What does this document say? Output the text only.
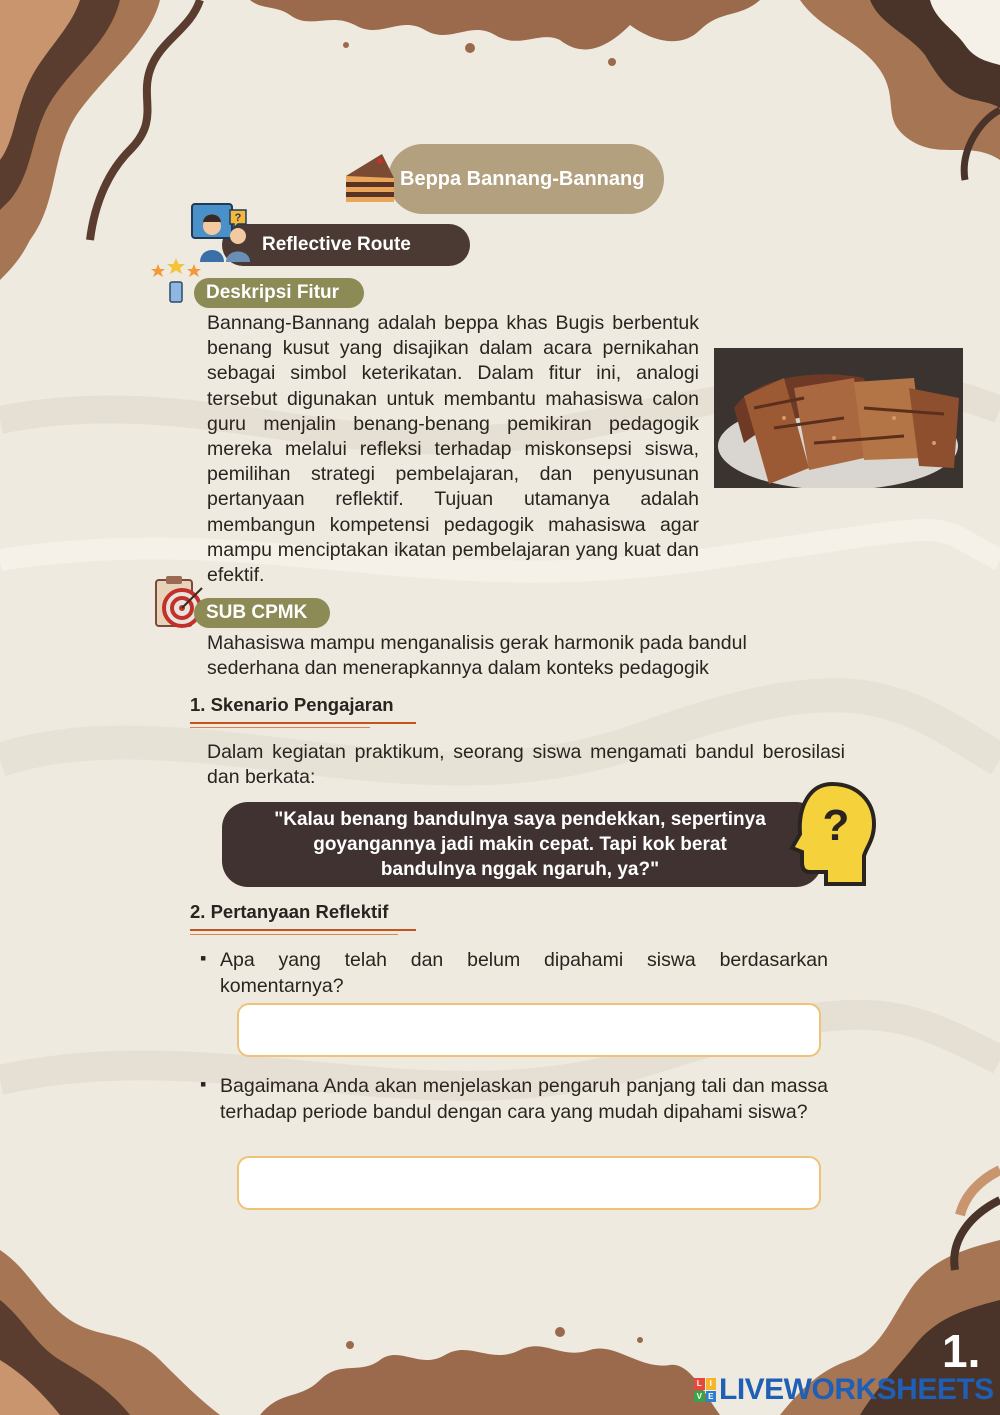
Beppa Bannang-Bannang
Reflective Route
?
Deskripsi Fitur
Bannang-Bannang adalah beppa khas Bugis berbentuk benang kusut yang disajikan dalam acara pernikahan sebagai simbol keterikatan. Dalam fitur ini, analogi tersebut digunakan untuk membantu mahasiswa calon guru menjalin benang-benang pemikiran pedagogik mereka melalui refleksi terhadap miskonsepsi siswa, pemilihan strategi pembelajaran, dan penyusunan pertanyaan reflektif. Tujuan utamanya adalah membangun kompetensi pedagogik mahasiswa agar mampu menciptakan ikatan pembelajaran yang kuat dan efektif.
SUB CPMK
Mahasiswa mampu menganalisis gerak harmonik pada bandul
sederhana dan menerapkannya dalam konteks pedagogik
1. Skenario Pengajaran
Dalam kegiatan praktikum, seorang siswa mengamati bandul berosilasi dan berkata:
"Kalau benang bandulnya saya pendekkan, sepertinya
goyangannya jadi makin cepat. Tapi kok berat
bandulnya nggak ngaruh, ya?"
?
2. Pertanyaan Reflektif
▪ Apa yang telah dan belum dipahami siswa berdasarkan komentarnya?
▪ Bagaimana Anda akan menjelaskan pengaruh panjang tali dan massa terhadap periode bandul dengan cara yang mudah dipahami siswa?
1.
L I
V E LIVEWORKSHEETS
